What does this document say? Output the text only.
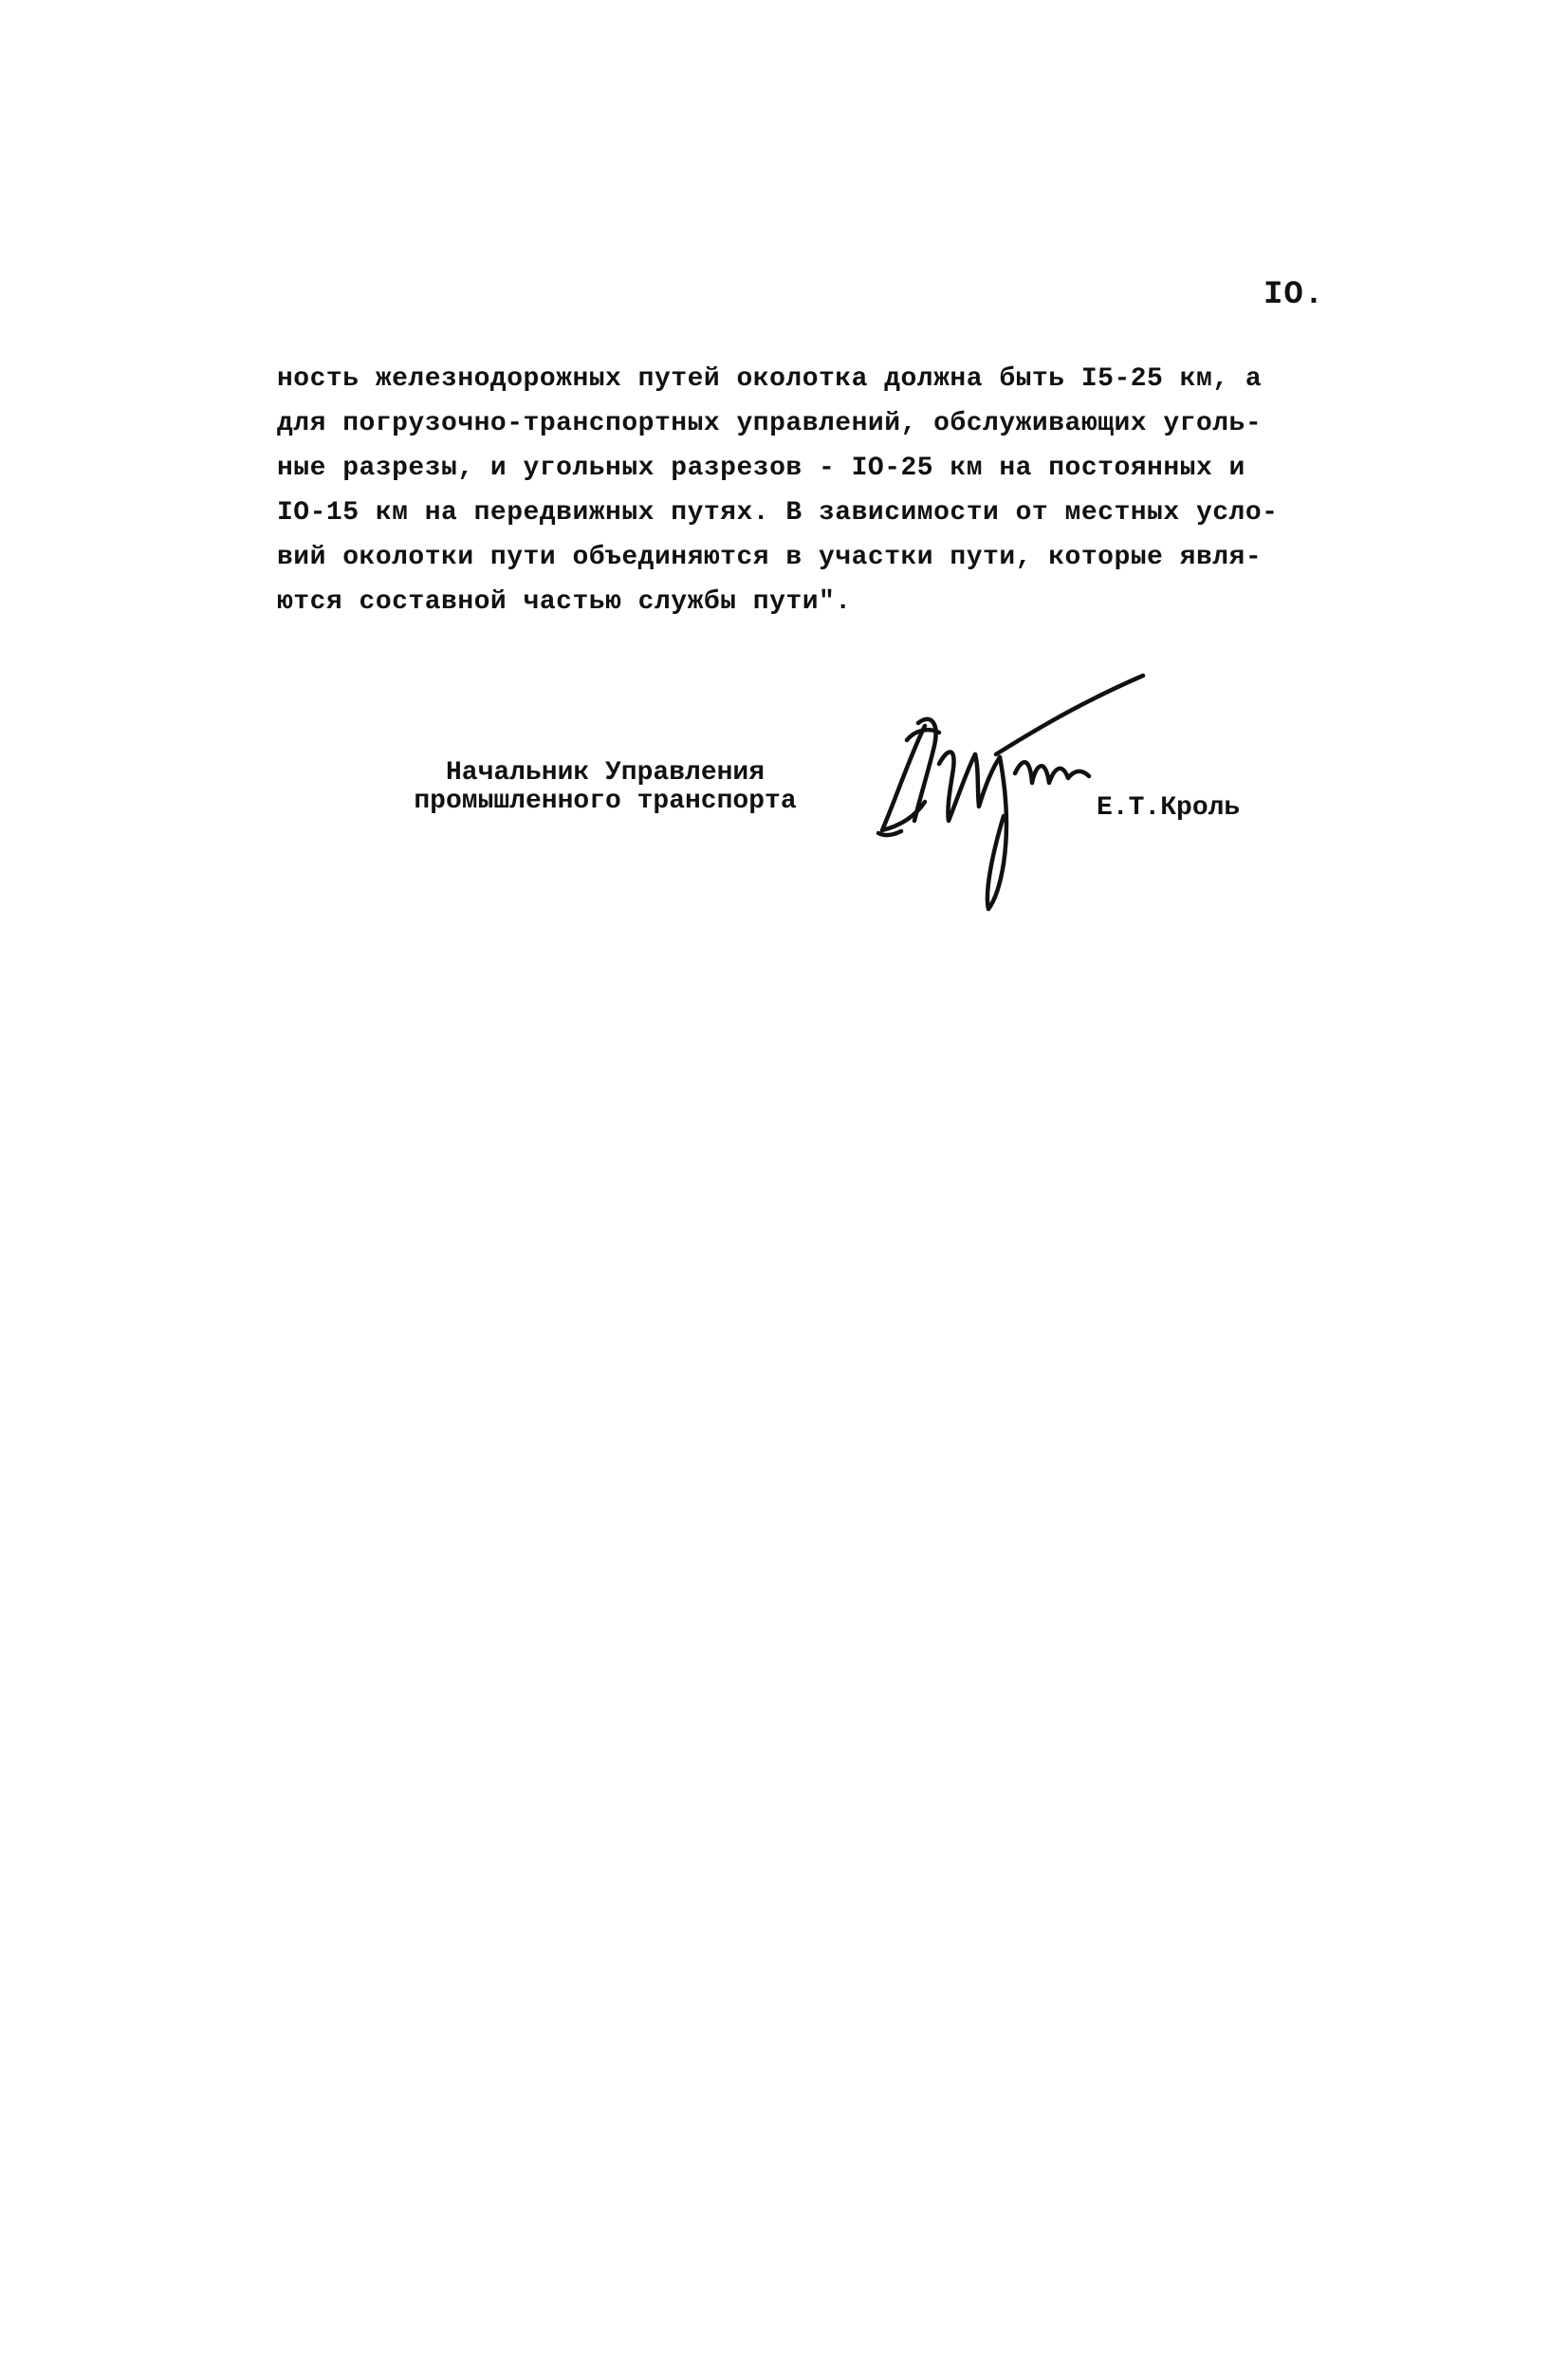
IO.
ность железнодорожных путей околотка должна быть I5-25 км, а
для погрузочно-транспортных управлений, обслуживающих уголь-
ные разрезы, и угольных разрезов - IO-25 км на постоянных и
IO-15 км на передвижных путях. В зависимости от местных усло-
вий околотки пути объединяются в участки пути, которые явля-
ются составной частью службы пути".
Начальник Управления
промышленного транспорта	Е.Т.Кроль
